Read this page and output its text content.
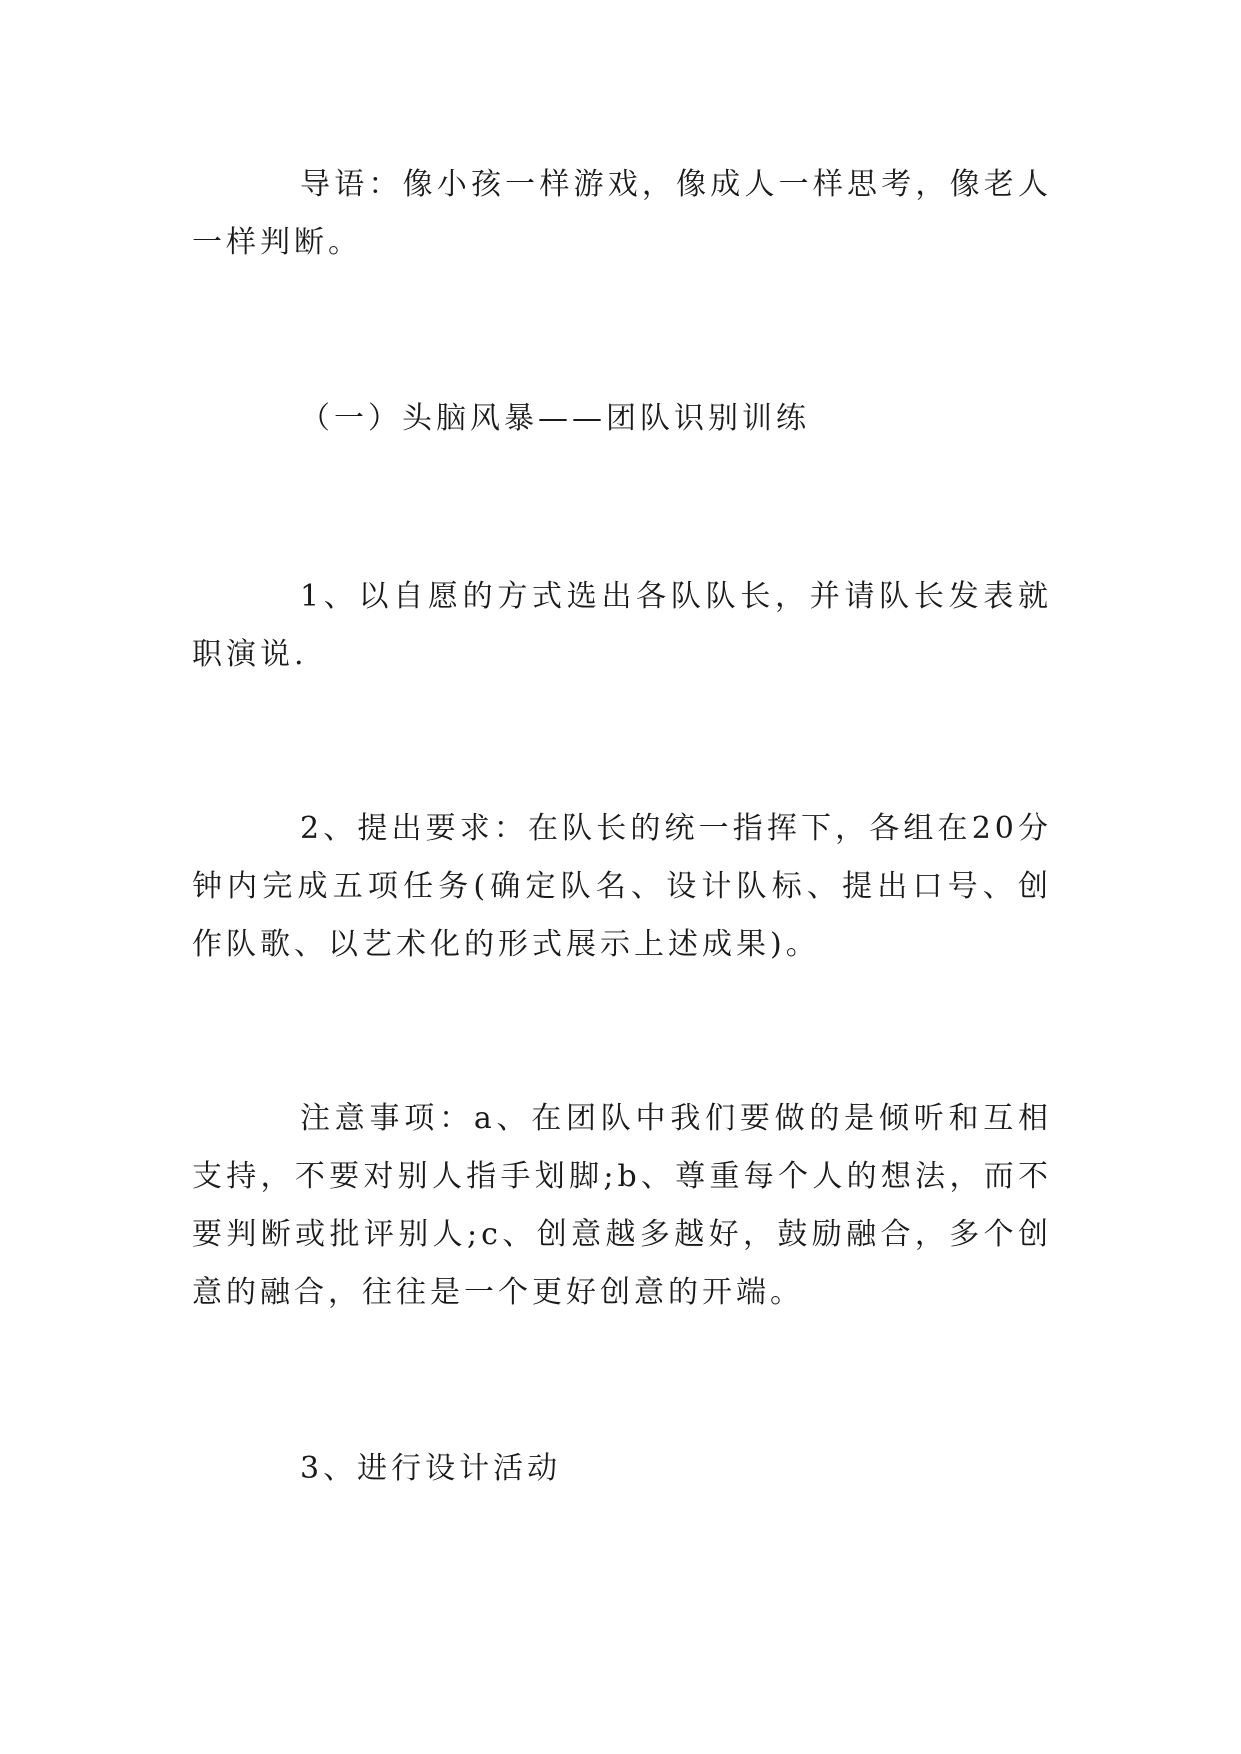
导语：像小孩一样游戏，像成人一样思考，像老人一样判断。

（一）头脑风暴——团队识别训练

1、以自愿的方式选出各队队长，并请队长发表就职演说.

2、提出要求：在队长的统一指挥下，各组在20分钟内完成五项任务(确定队名、设计队标、提出口号、创作队歌、以艺术化的形式展示上述成果)。

注意事项：a、在团队中我们要做的是倾听和互相支持，不要对别人指手划脚;b、尊重每个人的想法，而不要判断或批评别人;c、创意越多越好，鼓励融合，多个创意的融合，往往是一个更好创意的开端。

3、进行设计活动
